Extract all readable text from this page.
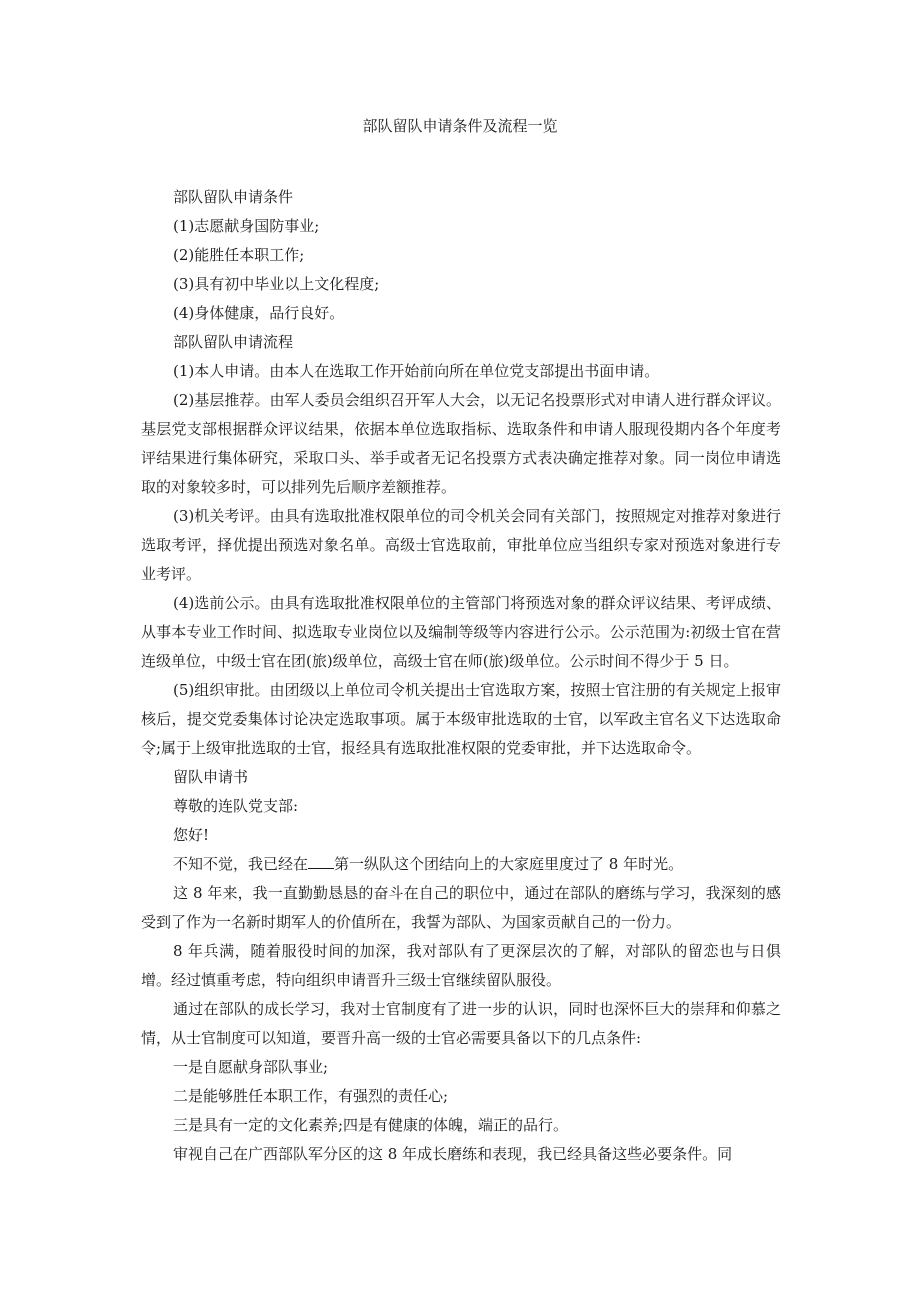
部队留队申请条件及流程一览

部队留队申请条件

(1)志愿献身国防事业;

(2)能胜任本职工作;

(3)具有初中毕业以上文化程度;

(4)身体健康，品行良好。

部队留队申请流程

(1)本人申请。由本人在选取工作开始前向所在单位党支部提出书面申请。

(2)基层推荐。由军人委员会组织召开军人大会，以无记名投票形式对申请人进行群众评议。基层党支部根据群众评议结果，依据本单位选取指标、选取条件和申请人服现役期内各个年度考评结果进行集体研究，采取口头、举手或者无记名投票方式表决确定推荐对象。同一岗位申请选取的对象较多时，可以排列先后顺序差额推荐。

(3)机关考评。由具有选取批准权限单位的司令机关会同有关部门，按照规定对推荐对象进行选取考评，择优提出预选对象名单。高级士官选取前，审批单位应当组织专家对预选对象进行专业考评。

(4)选前公示。由具有选取批准权限单位的主管部门将预选对象的群众评议结果、考评成绩、从事本专业工作时间、拟选取专业岗位以及编制等级等内容进行公示。公示范围为:初级士官在营连级单位，中级士官在团(旅)级单位，高级士官在师(旅)级单位。公示时间不得少于 5 日。

(5)组织审批。由团级以上单位司令机关提出士官选取方案，按照士官注册的有关规定上报审核后，提交党委集体讨论决定选取事项。属于本级审批选取的士官，以军政主官名义下达选取命令;属于上级审批选取的士官，报经具有选取批准权限的党委审批，并下达选取命令。

留队申请书

尊敬的连队党支部:

您好!

不知不觉，我已经在 第一纵队这个团结向上的大家庭里度过了 8 年时光。

这 8 年来，我一直勤勤恳恳的奋斗在自己的职位中，通过在部队的磨练与学习，我深刻的感受到了作为一名新时期军人的价值所在，我誓为部队、为国家贡献自己的一份力。

8 年兵满，随着服役时间的加深，我对部队有了更深层次的了解，对部队的留恋也与日俱增。经过慎重考虑，特向组织申请晋升三级士官继续留队服役。

通过在部队的成长学习，我对士官制度有了进一步的认识，同时也深怀巨大的崇拜和仰慕之情，从士官制度可以知道，要晋升高一级的士官必需要具备以下的几点条件:

一是自愿献身部队事业;

二是能够胜任本职工作，有强烈的责任心;

三是具有一定的文化素养;四是有健康的体魄，端正的品行。

审视自己在广西部队军分区的这 8 年成长磨练和表现，我已经具备这些必要条件。同
